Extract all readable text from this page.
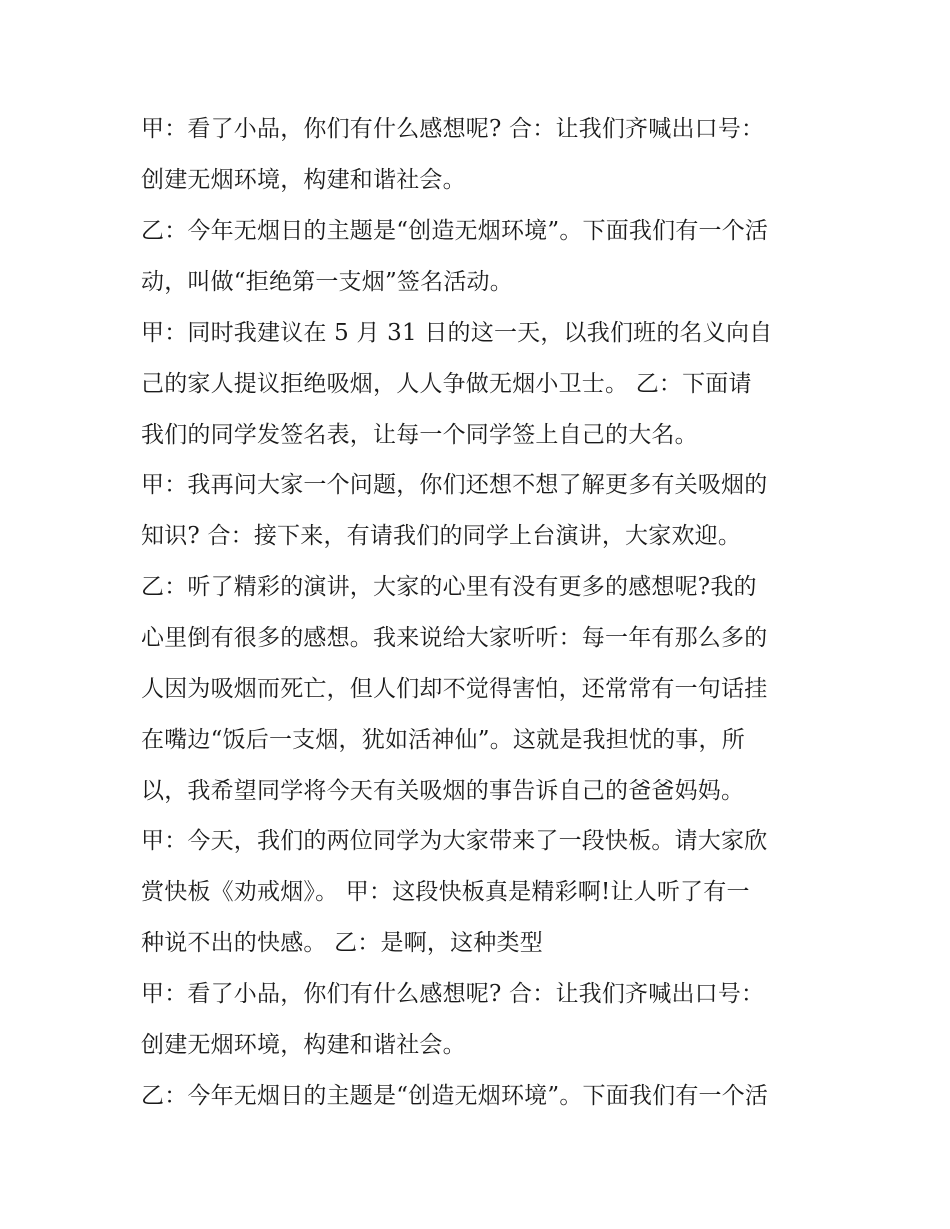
甲：看了小品，你们有什么感想呢? 合：让我们齐喊出口号：
创建无烟环境，构建和谐社会。
乙：今年无烟日的主题是“创造无烟环境”。下面我们有一个活
动，叫做“拒绝第一支烟”签名活动。
甲：同时我建议在 5 月 31 日的这一天，以我们班的名义向自
己的家人提议拒绝吸烟，人人争做无烟小卫士。 乙：下面请
我们的同学发签名表，让每一个同学签上自己的大名。
甲：我再问大家一个问题，你们还想不想了解更多有关吸烟的
知识? 合：接下来，有请我们的同学上台演讲，大家欢迎。
乙：听了精彩的演讲，大家的心里有没有更多的感想呢?我的
心里倒有很多的感想。我来说给大家听听：每一年有那么多的
人因为吸烟而死亡，但人们却不觉得害怕，还常常有一句话挂
在嘴边“饭后一支烟，犹如活神仙”。这就是我担忧的事，所
以，我希望同学将今天有关吸烟的事告诉自己的爸爸妈妈。
甲：今天，我们的两位同学为大家带来了一段快板。请大家欣
赏快板《劝戒烟》。 甲：这段快板真是精彩啊!让人听了有一
种说不出的快感。 乙：是啊，这种类型
甲：看了小品，你们有什么感想呢? 合：让我们齐喊出口号：
创建无烟环境，构建和谐社会。
乙：今年无烟日的主题是“创造无烟环境”。下面我们有一个活
